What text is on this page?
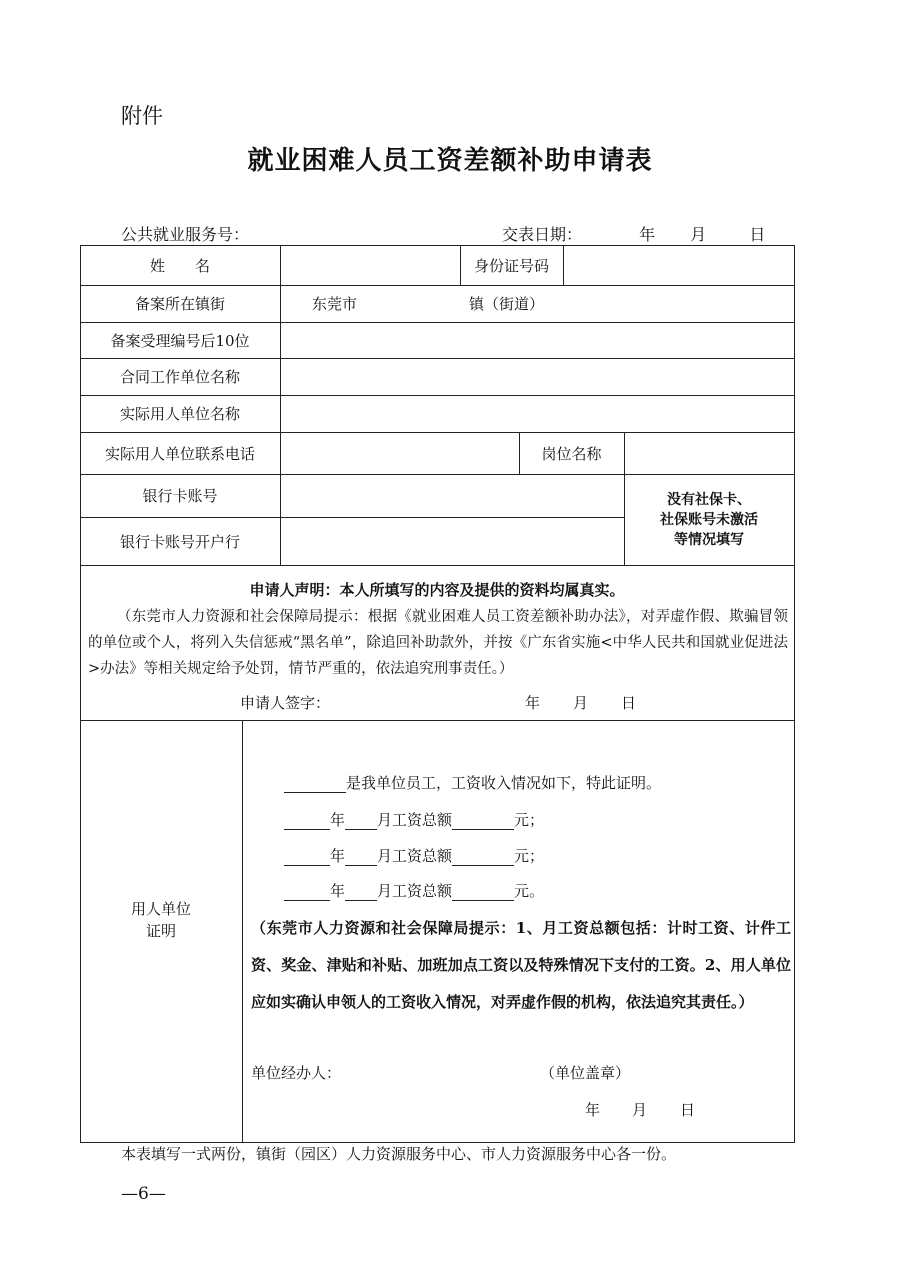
附件
就业困难人员工资差额补助申请表
公共就业服务号：	交表日期：	年 月	日
姓　　名	身份证号码
备案所在镇街	东莞市	镇（街道）
备案受理编号后10位
合同工作单位名称
实际用人单位名称
实际用人单位联系电话	岗位名称
银行卡账号
银行卡账号开户行
没有社保卡、
社保账号未激活
等情况填写
申请人声明：本人所填写的内容及提供的资料均属真实。
（东莞市人力资源和社会保障局提示：根据《就业困难人员工资差额补助办法》，对弄虚作假、欺骗冒领的单位或个人，将列入失信惩戒“黑名单”，除追回补助款外，并按《广东省实施<中华人民共和国就业促进法>办法》等相关规定给予处罚，情节严重的，依法追究刑事责任。）
申请人签字：	年 月 日
用人单位
证明
是我单位员工，工资收入情况如下，特此证明。
年 月工资总额	元；
年 月工资总额	元；
年 月工资总额	元。
（东莞市人力资源和社会保障局提示：1、月工资总额包括：计时工资、计件工资、奖金、津贴和补贴、加班加点工资以及特殊情况下支付的工资。2、用人单位应如实确认申领人的工资收入情况，对弄虚作假的机构，依法追究其责任。）
单位经办人：	（单位盖章）
年 月 日
本表填写一式两份，镇街（园区）人力资源服务中心、市人力资源服务中心各一份。
—6—
